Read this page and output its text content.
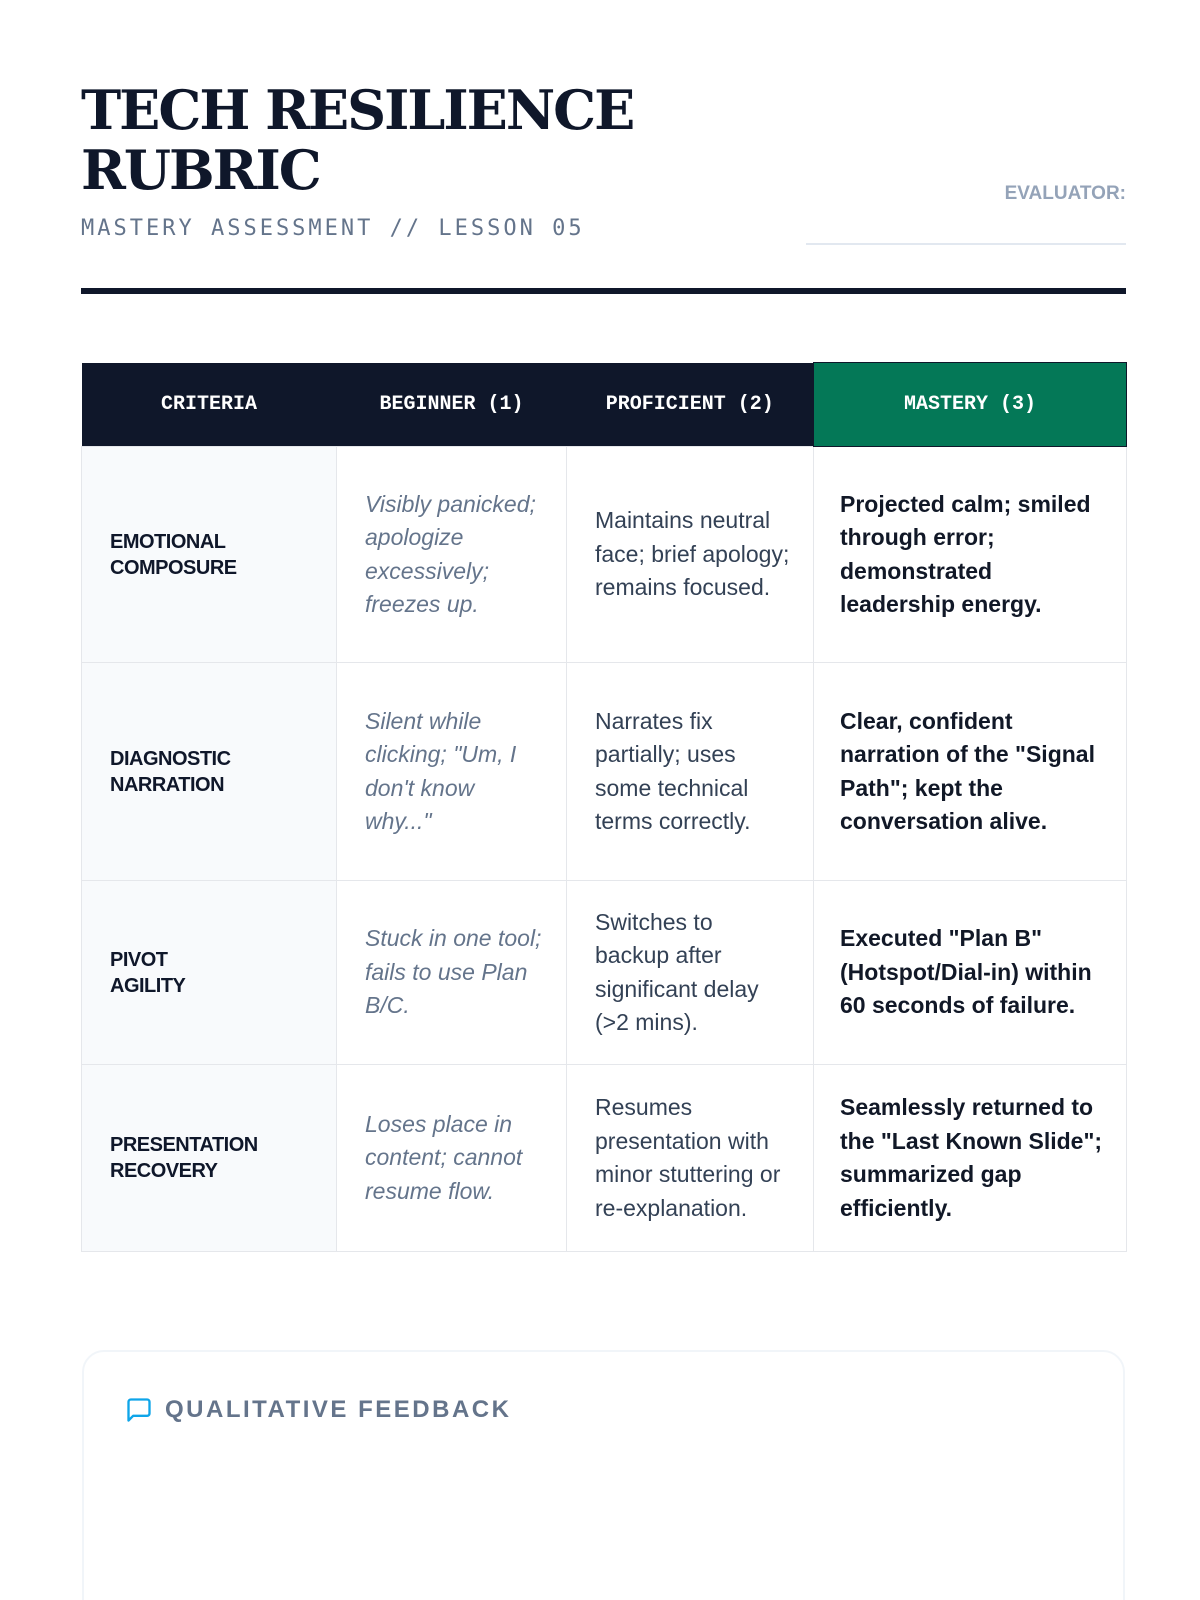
TECH RESILIENCE
RUBRIC
MASTERY ASSESSMENT // LESSON 05
EVALUATOR:
CRITERIA	BEGINNER (1)	PROFICIENT (2)	MASTERY (3)

EMOTIONAL
COMPOSURE	Visibly panicked; apologize excessively; freezes up.	Maintains neutral face; brief apology; remains focused.	Projected calm; smiled through error; demonstrated leadership energy.

DIAGNOSTIC
NARRATION	Silent while clicking; "Um, I don't know why..."	Narrates fix partially; uses some technical terms correctly.	Clear, confident narration of the "Signal Path"; kept the conversation alive.

PIVOT
AGILITY	Stuck in one tool; fails to use Plan B/C.	Switches to backup after significant delay (>2 mins).	Executed "Plan B" (Hotspot/Dial-in) within 60 seconds of failure.

PRESENTATION
RECOVERY	Loses place in content; cannot resume flow.	Resumes presentation with minor stuttering or re-explanation.	Seamlessly returned to the "Last Known Slide"; summarized gap efficiently.
QUALITATIVE FEEDBACK
